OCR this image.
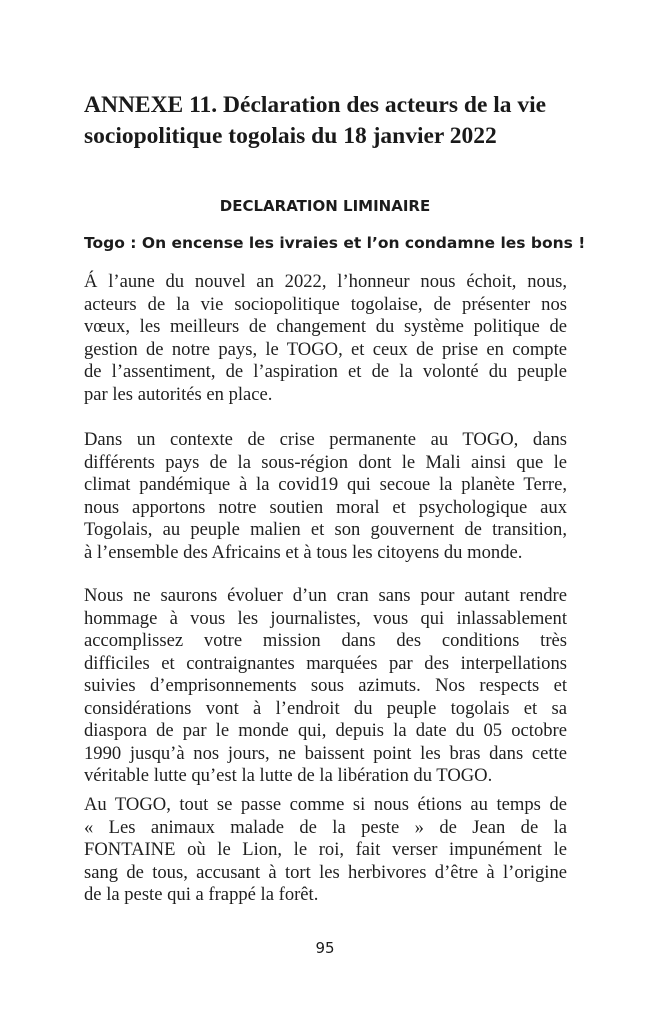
ANNEXE 11. Déclaration des acteurs de la vie
sociopolitique togolais du 18 janvier 2022
DECLARATION LIMINAIRE
Togo : On encense les ivraies et l’on condamne les bons !
Á l’aune du nouvel an 2022, l’honneur nous échoit, nous,
acteurs de la vie sociopolitique togolaise, de présenter nos
vœux, les meilleurs de changement du système politique de
gestion de notre pays, le TOGO, et ceux de prise en compte
de l’assentiment, de l’aspiration et de la volonté du peuple
par les autorités en place.
Dans un contexte de crise permanente au TOGO, dans
différents pays de la sous-région dont le Mali ainsi que le
climat pandémique à la covid19 qui secoue la planète Terre,
nous apportons notre soutien moral et psychologique aux
Togolais, au peuple malien et son gouvernent de transition,
à l’ensemble des Africains et à tous les citoyens du monde.
Nous ne saurons évoluer d’un cran sans pour autant rendre
hommage à vous les journalistes, vous qui inlassablement
accomplissez votre mission dans des conditions très
difficiles et contraignantes marquées par des interpellations
suivies d’emprisonnements sous azimuts. Nos respects et
considérations vont à l’endroit du peuple togolais et sa
diaspora de par le monde qui, depuis la date du 05 octobre
1990 jusqu’à nos jours, ne baissent point les bras dans cette
véritable lutte qu’est la lutte de la libération du TOGO.
Au TOGO, tout se passe comme si nous étions au temps de
« Les animaux malade de la peste » de Jean de la
FONTAINE où le Lion, le roi, fait verser impunément le
sang de tous, accusant à tort les herbivores d’être à l’origine
de la peste qui a frappé la forêt.
95
